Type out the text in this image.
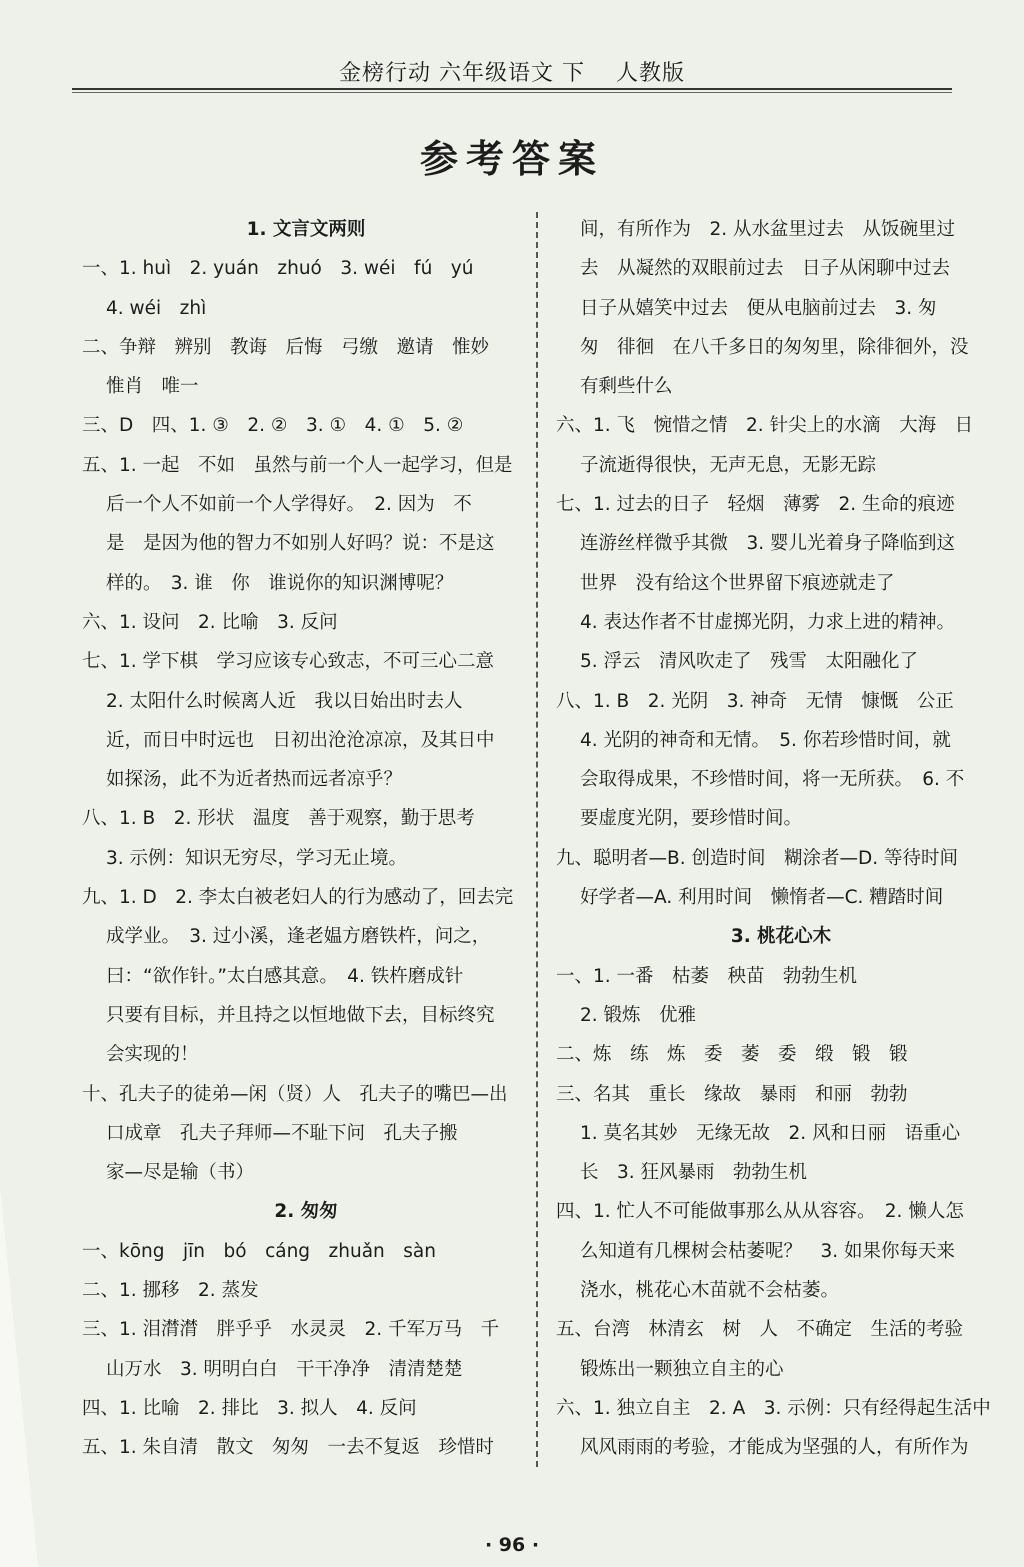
金榜行动 六年级语文 下　 人教版
参考答案
1. 文言文两则
一、1. huì　2. yuán　zhuó　3. wéi　fú　yú
4. wéi　zhì
二、争辩　辨别　教诲　后悔　弓缴　邀请　惟妙
惟肖　唯一
三、D　四、1. ③　2. ②　3. ①　4. ①　5. ②
五、1. 一起　不如　虽然与前一个人一起学习，但是
后一个人不如前一个人学得好。　2. 因为　不
是　是因为他的智力不如别人好吗？说：不是这
样的。　3. 谁　你　谁说你的知识渊博呢？
六、1. 设问　2. 比喻　3. 反问
七、1. 学下棋　学习应该专心致志，不可三心二意
2. 太阳什么时候离人近　我以日始出时去人
近，而日中时远也　日初出沧沧凉凉，及其日中
如探汤，此不为近者热而远者凉乎？
八、1. B　2. 形状　温度　善于观察，勤于思考
3. 示例：知识无穷尽，学习无止境。
九、1. D　2. 李太白被老妇人的行为感动了，回去完
成学业。　3. 过小溪，逢老媪方磨铁杵，问之，
曰：“欲作针。”太白感其意。　4. 铁杵磨成针
只要有目标，并且持之以恒地做下去，目标终究
会实现的！
十、孔夫子的徒弟—闲（贤）人　孔夫子的嘴巴—出
口成章　孔夫子拜师—不耻下问　孔夫子搬
家—尽是输（书）
2. 匆匆
一、kōng　jīn　bó　cáng　zhuǎn　sàn
二、1. 挪移　2. 蒸发
三、1. 泪潸潸　胖乎乎　水灵灵　2. 千军万马　千
山万水　3. 明明白白　干干净净　清清楚楚
四、1. 比喻　2. 排比　3. 拟人　4. 反问
五、1. 朱自清　散文　匆匆　一去不复返　珍惜时
间，有所作为　2. 从水盆里过去　从饭碗里过
去　从凝然的双眼前过去　日子从闲聊中过去
日子从嬉笑中过去　便从电脑前过去　3. 匆
匆　徘徊　在八千多日的匆匆里，除徘徊外，没
有剩些什么
六、1. 飞　惋惜之情　2. 针尖上的水滴　大海　日
子流逝得很快，无声无息，无影无踪
七、1. 过去的日子　轻烟　薄雾　2. 生命的痕迹
连游丝样微乎其微　3. 婴儿光着身子降临到这
世界　没有给这个世界留下痕迹就走了
4. 表达作者不甘虚掷光阴，力求上进的精神。
5. 浮云　清风吹走了　残雪　太阳融化了
八、1. B　2. 光阴　3. 神奇　无情　慷慨　公正
4. 光阴的神奇和无情。　5. 你若珍惜时间，就
会取得成果，不珍惜时间，将一无所获。　6. 不
要虚度光阴，要珍惜时间。
九、聪明者—B. 创造时间　糊涂者—D. 等待时间
好学者—A. 利用时间　懒惰者—C. 糟踏时间
3. 桃花心木
一、1. 一番　枯萎　秧苗　勃勃生机
2. 锻炼　优雅
二、炼　练　炼　委　萎　委　缎　锻　锻
三、名其　重长　缘故　暴雨　和丽　勃勃
1. 莫名其妙　无缘无故　2. 风和日丽　语重心
长　3. 狂风暴雨　勃勃生机
四、1. 忙人不可能做事那么从从容容。　2. 懒人怎
么知道有几棵树会枯萎呢？　3. 如果你每天来
浇水，桃花心木苗就不会枯萎。
五、台湾　林清玄　树　人　不确定　生活的考验
锻炼出一颗独立自主的心
六、1. 独立自主　2. A　3. 示例：只有经得起生活中
风风雨雨的考验，才能成为坚强的人，有所作为
· 96 ·
